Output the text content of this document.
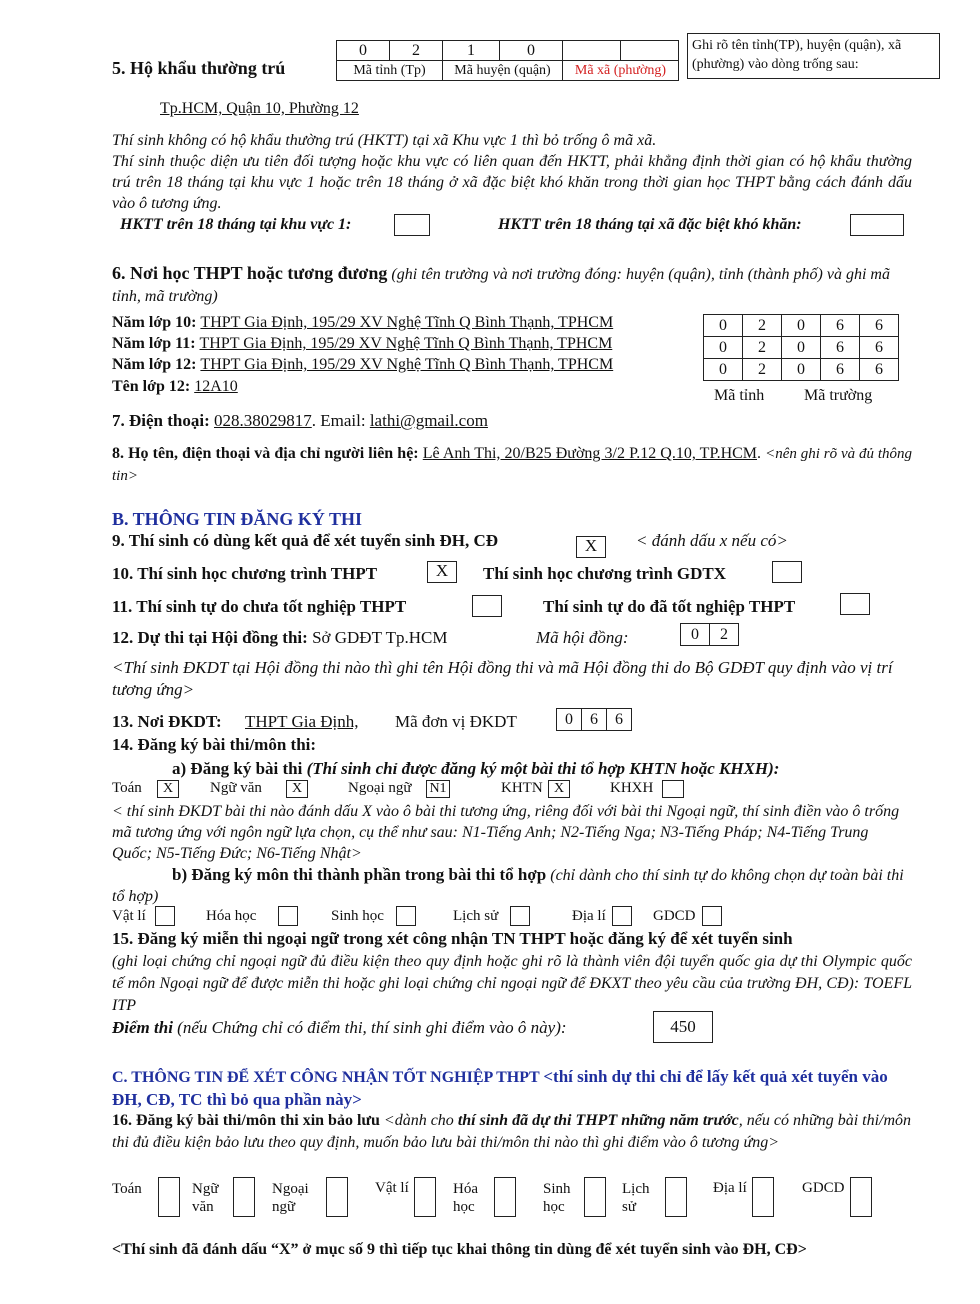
5. Hộ khẩu thường trú
0	2	1	0		
Mã tỉnh (Tp)		Mã huyện (quận)		Mã xã (phường)	
Ghi rõ tên tỉnh(TP), huyện (quận), xã (phường) vào dòng trống sau:
Tp.HCM, Quận 10, Phường 12
Thí sinh không có hộ khẩu thường trú (HKTT) tại xã Khu vực 1 thì bỏ trống ô mã xã.
Thí sinh thuộc diện ưu tiên đối tượng hoặc khu vực có liên quan đến HKTT, phải khẳng định thời gian có hộ khẩu thường trú trên 18 tháng tại khu vực 1 hoặc trên 18 tháng ở xã đặc biệt khó khăn trong thời gian học THPT bằng cách đánh dấu vào ô tương ứng.
HKTT trên 18 tháng tại khu vực 1:	HKTT trên 18 tháng tại xã đặc biệt khó khăn:
6. Nơi học THPT hoặc tương đương (ghi tên trường và nơi trường đóng: huyện (quận), tỉnh (thành phố) và ghi mã tỉnh, mã trường)
Năm lớp 10: THPT Gia Định, 195/29 XV Nghệ Tĩnh Q Bình Thạnh, TPHCM
Năm lớp 11: THPT Gia Định, 195/29 XV Nghệ Tĩnh Q Bình Thạnh, TPHCM
Năm lớp 12: THPT Gia Định, 195/29 XV Nghệ Tĩnh Q Bình Thạnh, TPHCM
Tên lớp 12: 12A10
0	2	0	6	6
0	2	0	6	6
0	2	0	6	6
Mã tỉnh Mã trường
7. Điện thoại: 028.38029817. Email: lathi@gmail.com
8. Họ tên, điện thoại và địa chỉ người liên hệ: Lê Anh Thi, 20/B25 Đường 3/2 P.12 Q.10, TP.HCM. <nên ghi rõ và đủ thông tin>
B. THÔNG TIN ĐĂNG KÝ THI
9. Thí sinh có dùng kết quả để xét tuyển sinh ĐH, CĐ	X	< đánh dấu x nếu có>
10. Thí sinh học chương trình THPT	X	Thí sinh học chương trình GDTX
11. Thí sinh tự do chưa tốt nghiệp THPT	Thí sinh tự do đã tốt nghiệp THPT
12. Dự thi tại Hội đồng thi: Sở GDĐT Tp.HCM	Mã hội đồng:	0	2
<Thí sinh ĐKDT tại Hội đồng thi nào thì ghi tên Hội đồng thi và mã Hội đồng thi do Bộ GDĐT quy định vào vị trí tương ứng>
13. Nơi ĐKDT: THPT Gia Định, Mã đơn vị ĐKDT	0	6	6
14. Đăng ký bài thi/môn thi:
a) Đăng ký bài thi (Thí sinh chỉ được đăng ký một bài thi tổ hợp KHTN hoặc KHXH):
Toán	X	Ngữ văn	X	Ngoại ngữ N1	KHTN X	KHXH
< thí sinh ĐKDT bài thi nào đánh dấu X vào ô bài thi tương ứng, riêng đối với bài thi Ngoại ngữ, thí sinh điền vào ô trống mã tương ứng với ngôn ngữ lựa chọn, cụ thể như sau: N1-Tiếng Anh; N2-Tiếng Nga; N3-Tiếng Pháp; N4-Tiếng Trung Quốc; N5-Tiếng Đức; N6-Tiếng Nhật>
b) Đăng ký môn thi thành phần trong bài thi tổ hợp (chỉ dành cho thí sinh tự do không chọn dự toàn bài thi tổ hợp)
Vật lí	Hóa học	Sinh học	Lịch sử	Địa lí	GDCD
15. Đăng ký miễn thi ngoại ngữ trong xét công nhận TN THPT hoặc đăng ký để xét tuyển sinh
(ghi loại chứng chỉ ngoại ngữ đủ điều kiện theo quy định hoặc ghi rõ là thành viên đội tuyển quốc gia dự thi Olympic quốc tế môn Ngoại ngữ để được miễn thi hoặc ghi loại chứng chỉ ngoại ngữ để ĐKXT theo yêu cầu của trường ĐH, CĐ): TOEFL ITP
Điểm thi (nếu Chứng chỉ có điểm thi, thí sinh ghi điểm vào ô này):	450
C. THÔNG TIN ĐỂ XÉT CÔNG NHẬN TỐT NGHIỆP THPT <thí sinh dự thi chỉ để lấy kết quả xét tuyển vào ĐH, CĐ, TC thì bỏ qua phần này>
16. Đăng ký bài thi/môn thi xin bảo lưu <dành cho thí sinh đã dự thi THPT những năm trước, nếu có những bài thi/môn thi đủ điều kiện bảo lưu theo quy định, muốn bảo lưu bài thi/môn thi nào thì ghi điểm vào ô tương ứng>
Toán	Ngữ văn
Ngoại ngữ
Vật lí	Hóa học
Sinh học
Lịch sử
Địa lí	GDCD
<Thí sinh đã đánh dấu “X” ở mục số 9 thì tiếp tục khai thông tin dùng để xét tuyển sinh vào ĐH, CĐ>
